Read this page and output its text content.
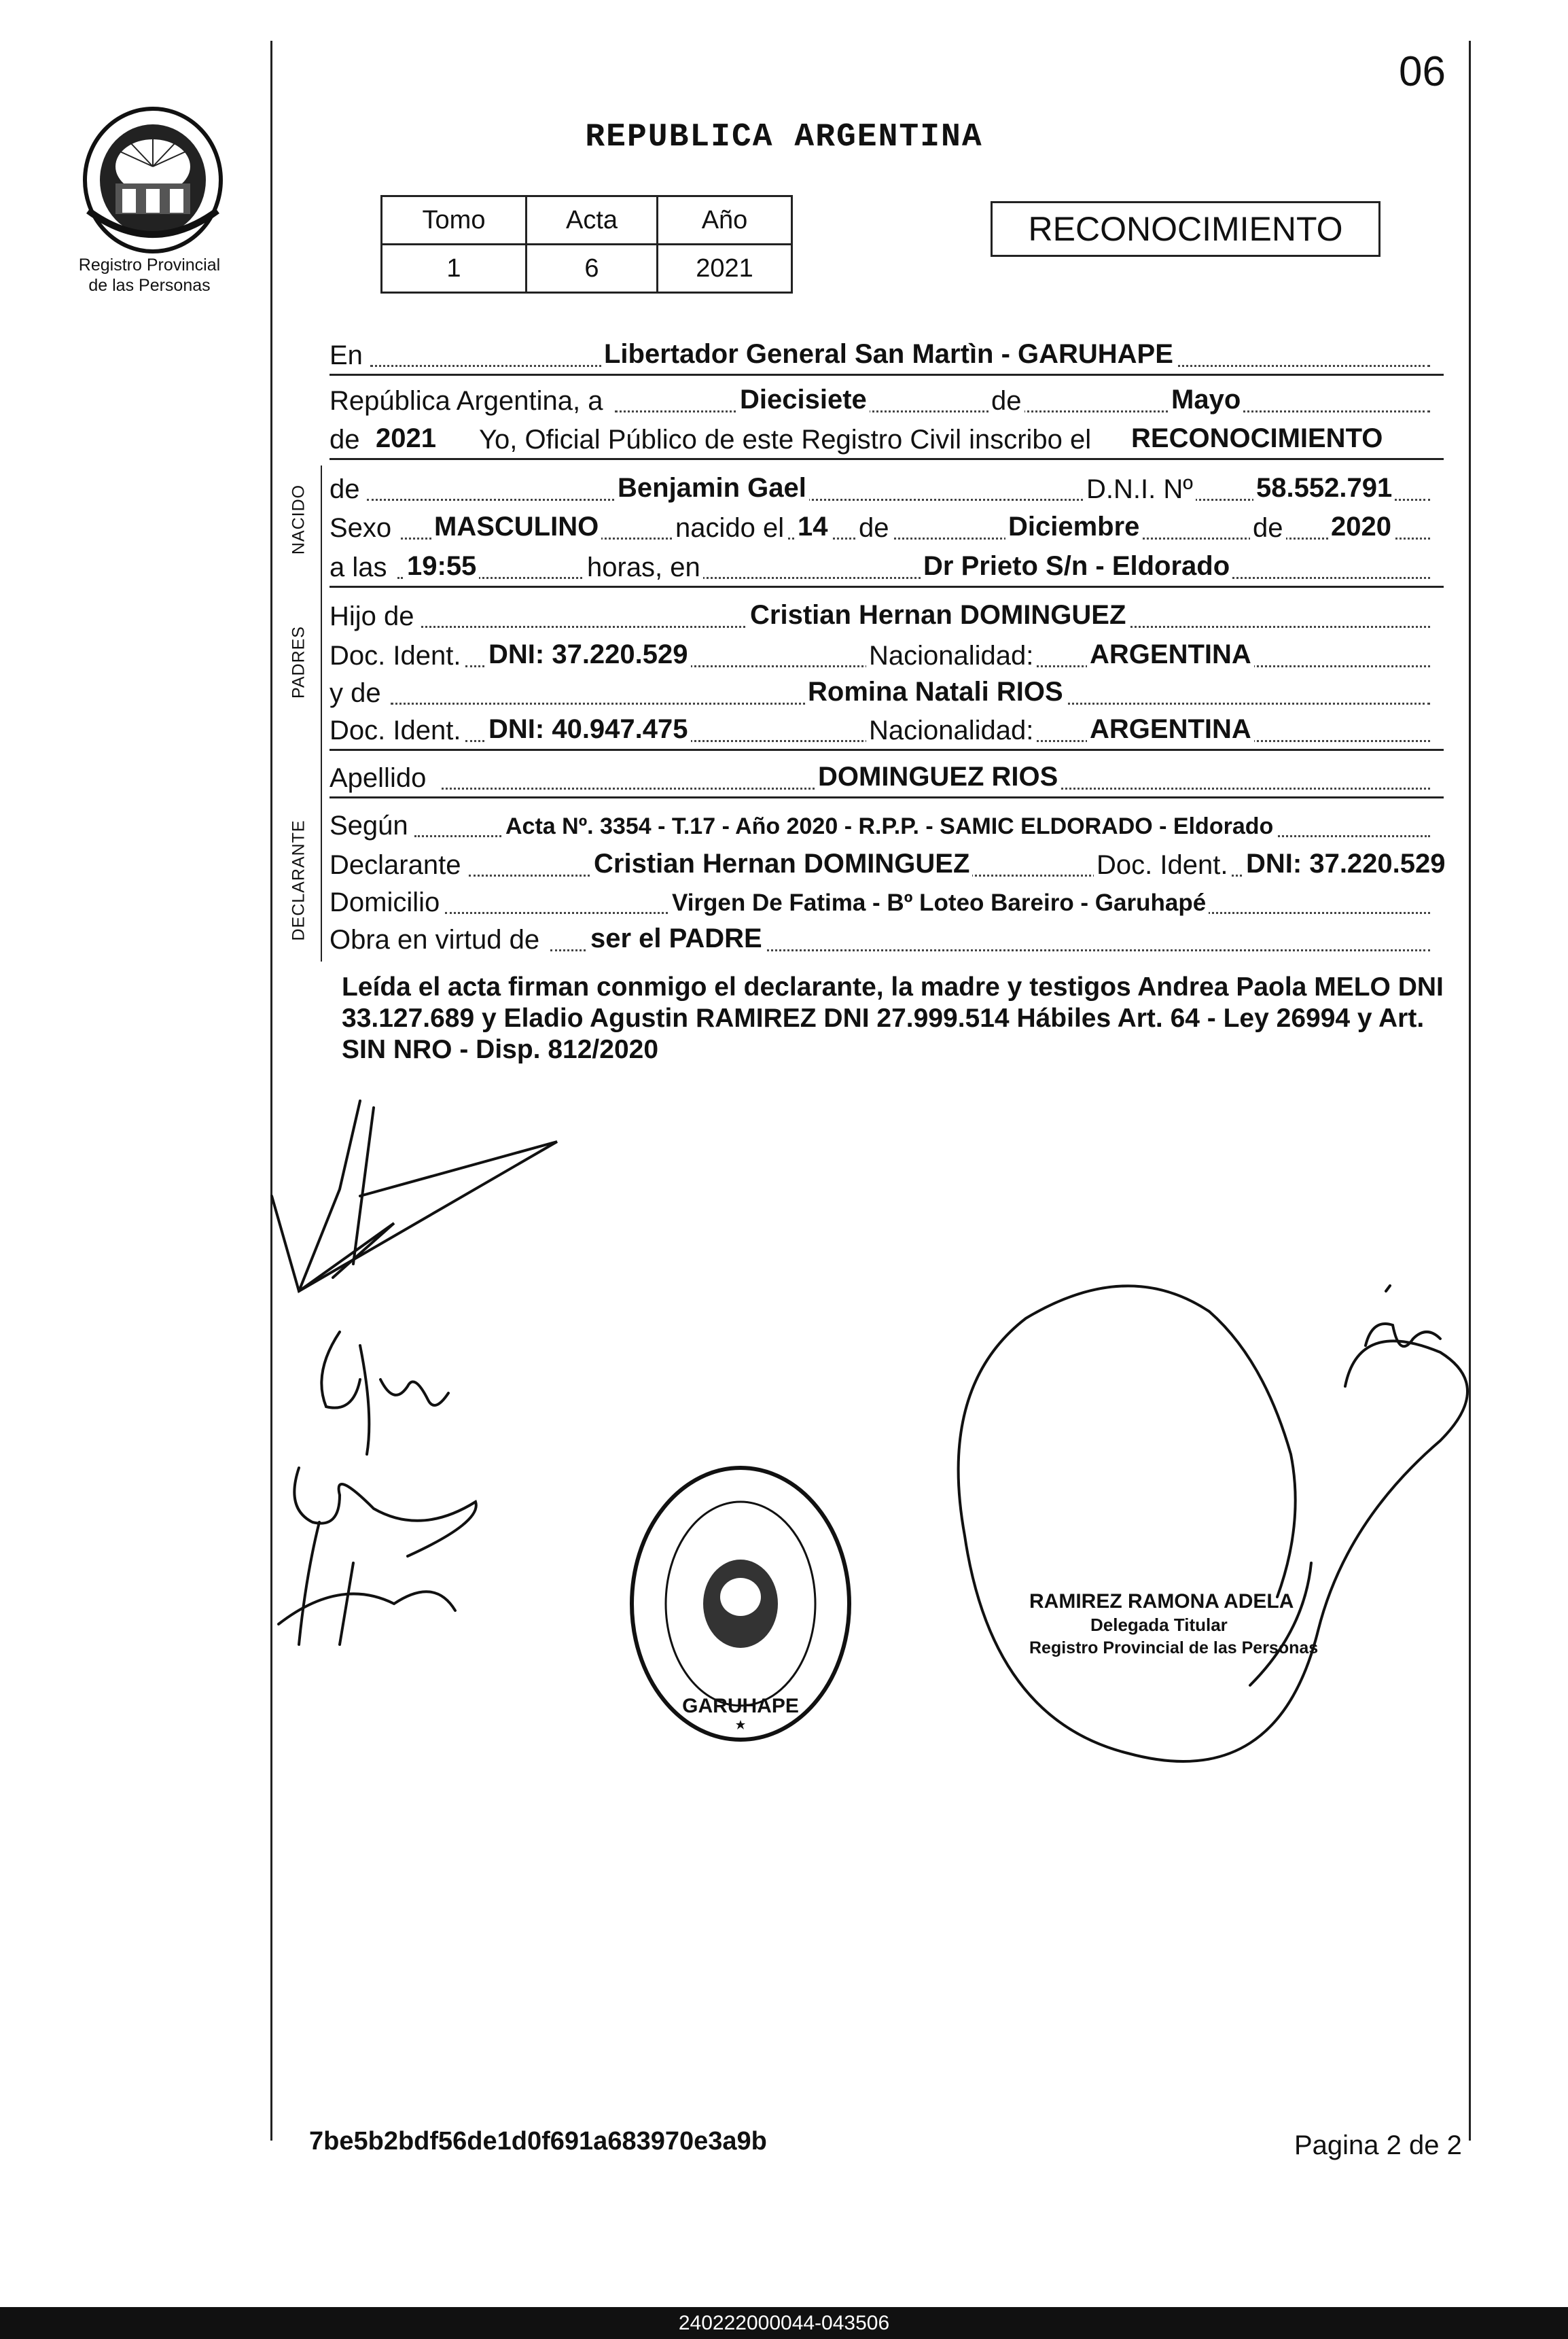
Registro Provincial
de las Personas
06
REPUBLICA ARGENTINA
Tomo	Acta	Año
1	6	2021
RECONOCIMIENTO
NACIDO
PADRES
DECLARANTE
En	Libertador General San Martìn - GARUHAPE
República Argentina, a	Diecisiete	de	Mayo
de 2021 Yo, Oficial Público de este Registro Civil inscribo el RECONOCIMIENTO
de	Benjamin Gael	D.N.I. Nº 58.552.791
Sexo MASCULINO	nacido el 14 de	Diciembre	de 2020
a las 19:55	horas, en	Dr Prieto S/n - Eldorado
Hijo de	Cristian Hernan DOMINGUEZ
Doc. Ident. DNI: 37.220.529	Nacionalidad: ARGENTINA
y de	Romina Natali RIOS
Doc. Ident. DNI: 40.947.475	Nacionalidad: ARGENTINA
Apellido	DOMINGUEZ RIOS
Según	Acta Nº. 3354 - T.17 - Año 2020 - R.P.P. - SAMIC ELDORADO - Eldorado
Declarante	Cristian Hernan DOMINGUEZ	Doc. Ident. DNI: 37.220.529
Domicilio	Virgen De Fatima - Bº Loteo Bareiro - Garuhapé
Obra en virtud de ser el PADRE
Leída el acta firman conmigo el declarante, la madre y testigos Andrea Paola MELO DNI 33.127.689 y Eladio Agustin RAMIREZ DNI 27.999.514 Hábiles Art. 64 - Ley 26994 y Art. SIN NRO - Disp. 812/2020
GARUHAPE
RAMIREZ RAMONA ADELA
Delegada Titular
Registro Provincial de las Personas
7be5b2bdf56de1d0f691a683970e3a9b	Pagina 2 de 2
240222000044-043506
